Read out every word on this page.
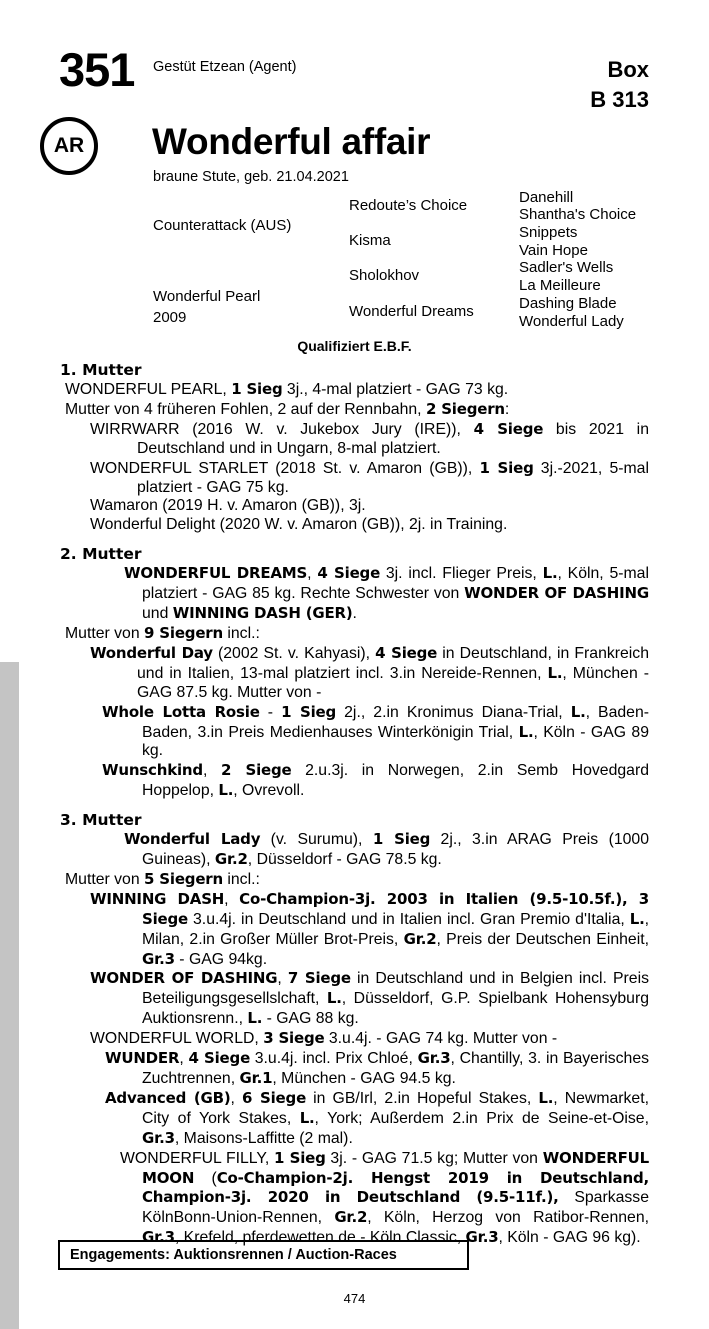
351 Gestüt Etzean (Agent)	Box
B 313
AR	Wonderful affair
braune Stute, geb. 21.04.2021
Counterattack (AUS)
Wonderful Pearl
2009
Redoute’s Choice
Kisma
Sholokhov
Wonderful Dreams
Danehill
Shantha's Choice
Snippets
Vain Hope
Sadler's Wells
La Meilleure
Dashing Blade
Wonderful Lady
Qualifiziert E.B.F.
1. Mutter
WONDERFUL PEARL, 1 Sieg 3j., 4-mal platziert - GAG 73 kg.
Mutter von 4 früheren Fohlen, 2 auf der Rennbahn, 2 Siegern:
WIRRWARR (2016 W. v. Jukebox Jury (IRE)), 4 Siege bis 2021 in Deutschland und in Ungarn, 8-mal platziert.
WONDERFUL STARLET (2018 St. v. Amaron (GB)), 1 Sieg 3j.-2021, 5-mal platziert - GAG 75 kg.
Wamaron (2019 H. v. Amaron (GB)), 3j.
Wonderful Delight (2020 W. v. Amaron (GB)), 2j. in Training.
2. Mutter
WONDERFUL DREAMS, 4 Siege 3j. incl. Flieger Preis, L., Köln, 5-mal platziert - GAG 85 kg. Rechte Schwester von WONDER OF DASHING und WINNING DASH (GER).
Mutter von 9 Siegern incl.:
Wonderful Day (2002 St. v. Kahyasi), 4 Siege in Deutschland, in Frankreich und in Italien, 13-mal platziert incl. 3.in Nereide-Rennen, L., München - GAG 87.5 kg. Mutter von -
Whole Lotta Rosie - 1 Sieg 2j., 2.in Kronimus Diana-Trial, L., Baden-Baden, 3.in Preis Medienhauses Winterkönigin Trial, L., Köln - GAG 89 kg.
Wunschkind, 2 Siege 2.u.3j. in Norwegen, 2.in Semb Hovedgard Hoppelop, L., Ovrevoll.
3. Mutter
Wonderful Lady (v. Surumu), 1 Sieg 2j., 3.in ARAG Preis (1000 Guineas), Gr.2, Düsseldorf - GAG 78.5 kg.
Mutter von 5 Siegern incl.:
WINNING DASH, Co-Champion-3j. 2003 in Italien (9.5-10.5f.), 3 Siege 3.u.4j. in Deutschland und in Italien incl. Gran Premio d'Italia, L., Milan, 2.in Großer Müller Brot-Preis, Gr.2, Preis der Deutschen Einheit, Gr.3 - GAG 94kg.
WONDER OF DASHING, 7 Siege in Deutschland und in Belgien incl. Preis Beteiligungsgesellslchaft, L., Düsseldorf, G.P. Spielbank Hohensyburg Auktionsrenn., L. - GAG 88 kg.
WONDERFUL WORLD, 3 Siege 3.u.4j. - GAG 74 kg. Mutter von -
WUNDER, 4 Siege 3.u.4j. incl. Prix Chloé, Gr.3, Chantilly, 3. in Bayerisches Zuchtrennen, Gr.1, München - GAG 94.5 kg.
Advanced (GB), 6 Siege in GB/Irl, 2.in Hopeful Stakes, L., Newmarket, City of York Stakes, L., York; Außerdem 2.in Prix de Seine-et-Oise, Gr.3, Maisons-Laffitte (2 mal).
WONDERFUL FILLY, 1 Sieg 3j. - GAG 71.5 kg; Mutter von WONDERFUL MOON (Co-Champion-2j. Hengst 2019 in Deutschland, Champion-3j. 2020 in Deutschland (9.5-11f.), Sparkasse KölnBonn-Union-Rennen, Gr.2, Köln, Herzog von Ratibor-Rennen, Gr.3, Krefeld, pferdewetten.de - Köln Classic, Gr.3, Köln - GAG 96 kg).
Engagements: Auktionsrennen / Auction-Races
474
